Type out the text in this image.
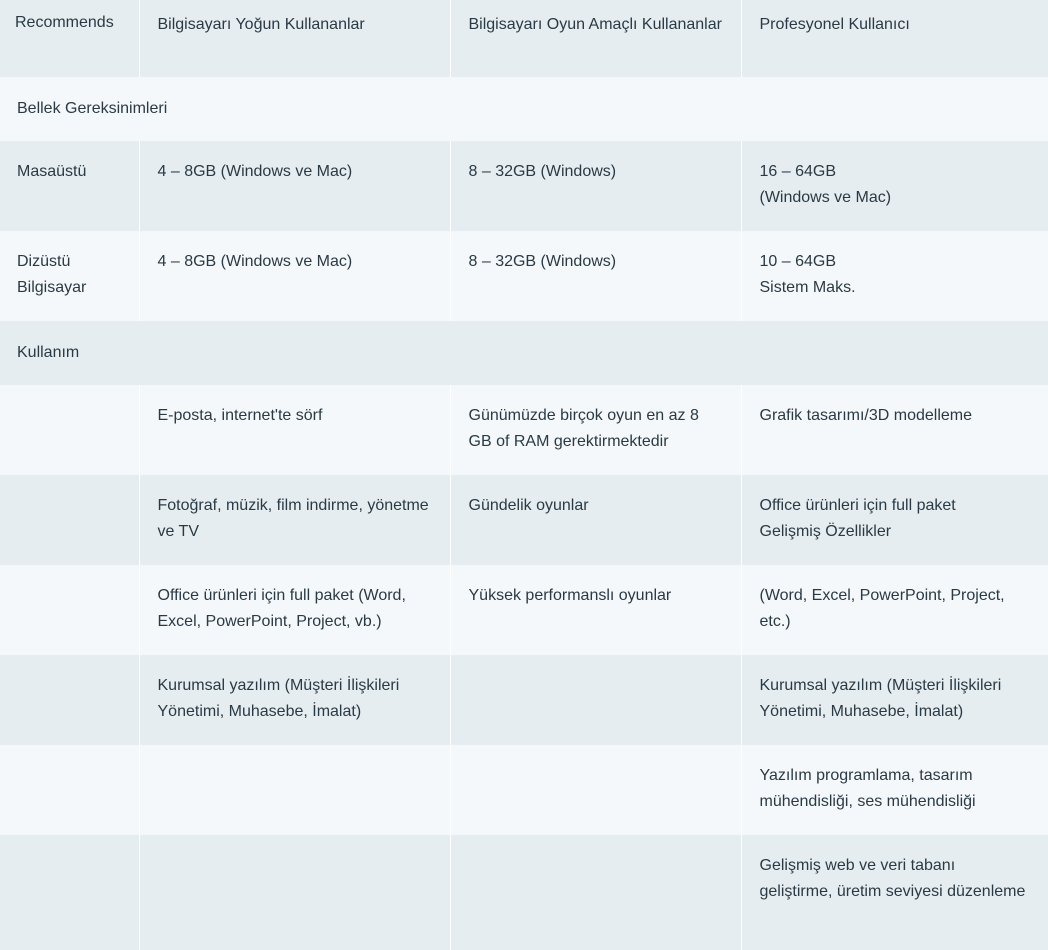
Recommends	Bilgisayarı Yoğun Kullananlar	Bilgisayarı Oyun Amaçlı Kullananlar	Profesyonel Kullanıcı
Bellek Gereksinimleri			
Masaüstü	4 – 8GB (Windows ve Mac)	8 – 32GB (Windows)	16 – 64GB
(Windows ve Mac)
Dizüstü Bilgisayar	4 – 8GB (Windows ve Mac)	8 – 32GB (Windows)	10 – 64GB
Sistem Maks.
Kullanım			
	E-posta, internet'te sörf	Günümüzde birçok oyun en az 8 GB of RAM gerektirmektedir	Grafik tasarımı/3D modelleme
	Fotoğraf, müzik, film indirme, yönetme ve TV	Gündelik oyunlar	Office ürünleri için full paket
Gelişmiş Özellikler
	Office ürünleri için full paket (Word, Excel, PowerPoint, Project, vb.)	Yüksek performanslı oyunlar	(Word, Excel, PowerPoint, Project, etc.)
	Kurumsal yazılım (Müşteri İlişkileri Yönetimi, Muhasebe, İmalat)		Kurumsal yazılım (Müşteri İlişkileri Yönetimi, Muhasebe, İmalat)
			Yazılım programlama, tasarım mühendisliği, ses mühendisliği
			Gelişmiş web ve veri tabanı geliştirme, üretim seviyesi düzenleme
